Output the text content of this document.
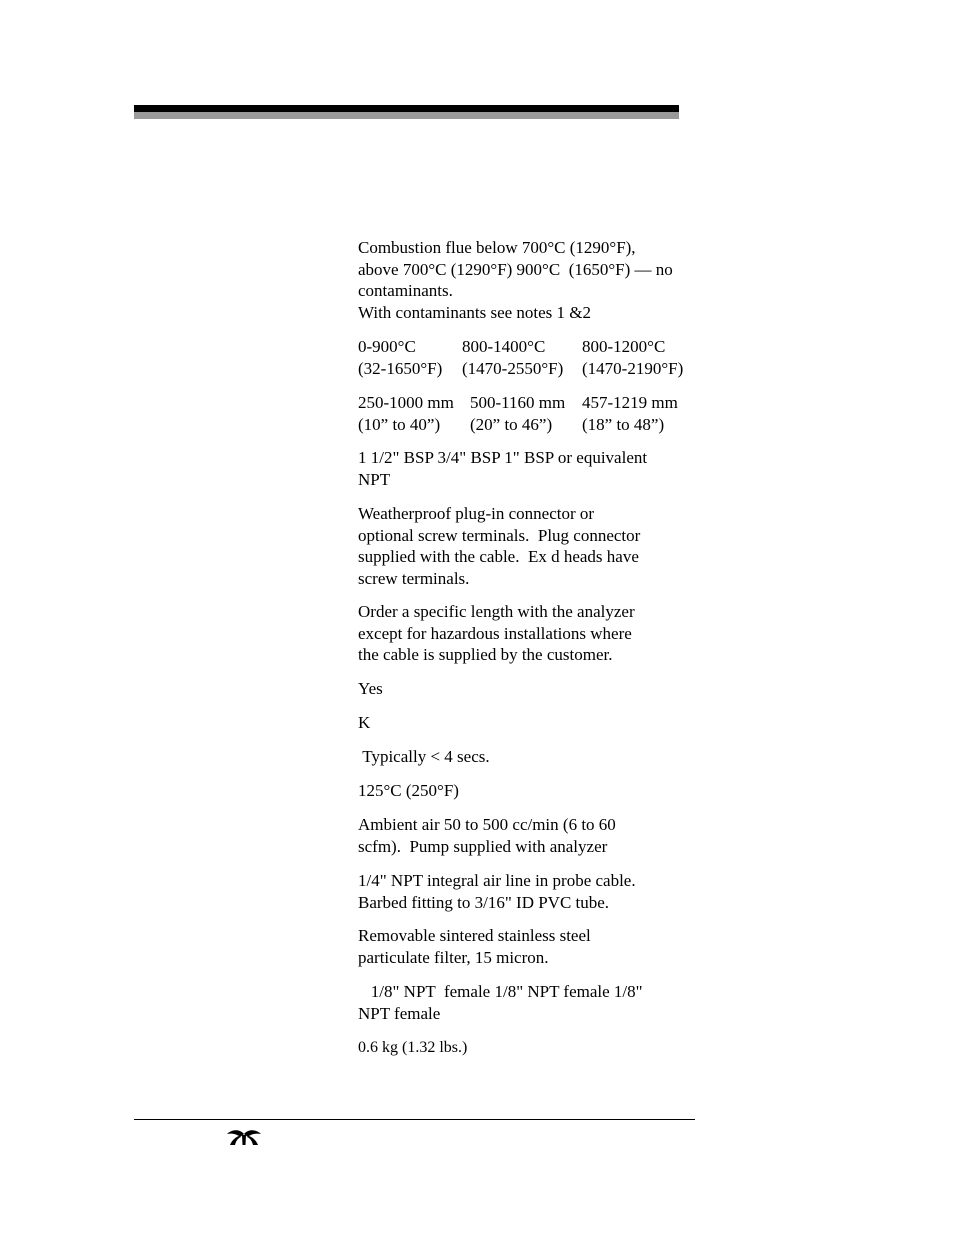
Combustion flue below 700°C (1290°F),
above 700°C (1290°F) 900°C  (1650°F) — no
contaminants.
With contaminants see notes 1 &2

0-900°C
(32-1650°F)
800-1400°C
(1470-2550°F)
800-1200°C
(1470-2190°F)
250-1000 mm
(10” to 40”)
500-1160 mm
(20” to 46”)
457-1219 mm
(18” to 48”)

1 1/2" BSP 3/4" BSP 1" BSP or equivalent
NPT

Weatherproof plug-in connector or
optional screw terminals.  Plug connector
supplied with the cable.  Ex d heads have
screw terminals.

Order a specific length with the analyzer
except for hazardous installations where
the cable is supplied by the customer.

Yes

K

Typically < 4 secs.

125°C (250°F)

Ambient air 50 to 500 cc/min (6 to 60
scfm).  Pump supplied with analyzer

1/4" NPT integral air line in probe cable.
Barbed fitting to 3/16" ID PVC tube.

Removable sintered stainless steel
particulate filter, 15 micron.

1/8" NPT  female 1/8" NPT female 1/8"
NPT female

0.6 kg (1.32 lbs.)
